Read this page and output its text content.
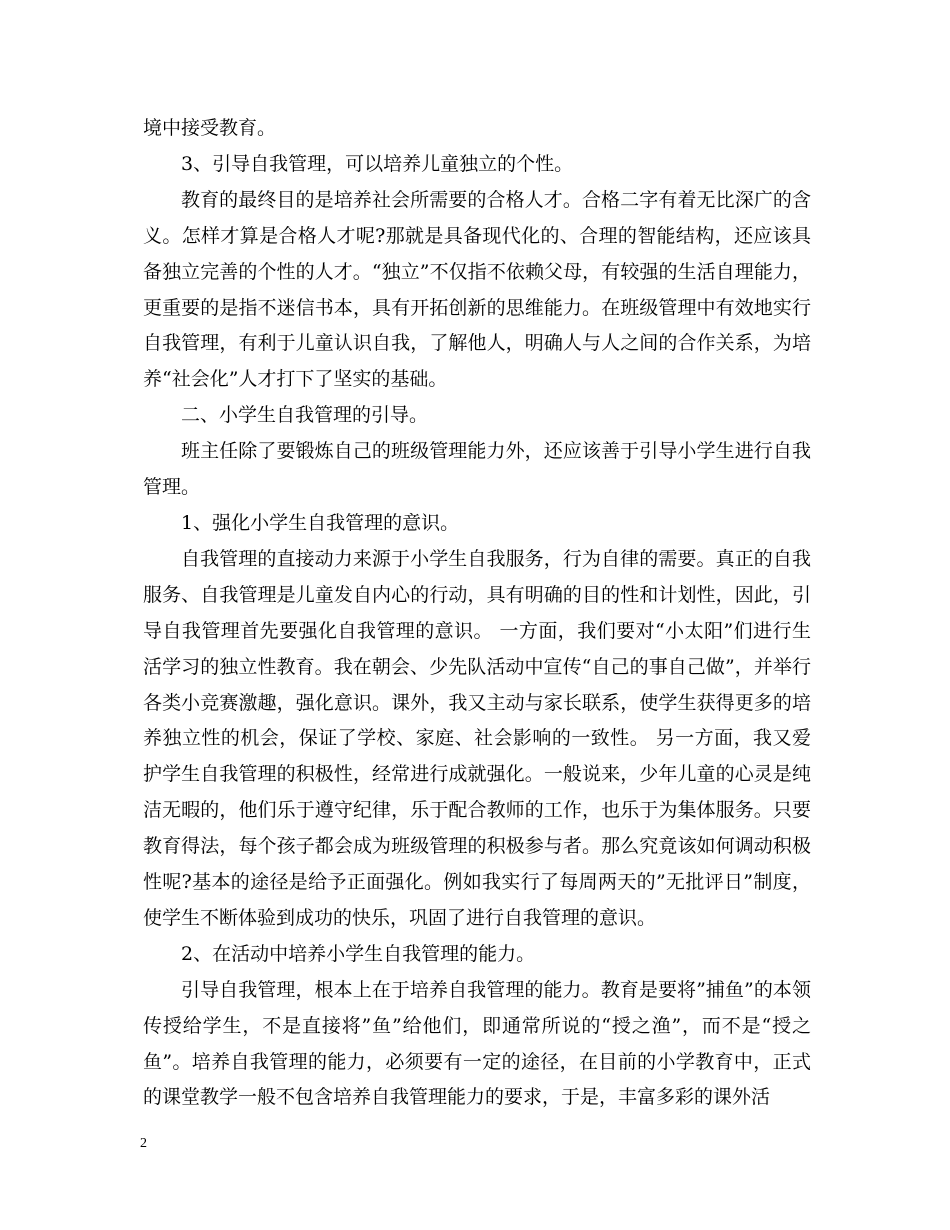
境中接受教育。

3、引导自我管理，可以培养儿童独立的个性。

教育的最终目的是培养社会所需要的合格人才。合格二字有着无比深广的含义。怎样才算是合格人才呢?那就是具备现代化的、合理的智能结构，还应该具备独立完善的个性的人才。“独立”不仅指不依赖父母，有较强的生活自理能力，更重要的是指不迷信书本，具有开拓创新的思维能力。在班级管理中有效地实行自我管理，有利于儿童认识自我，了解他人，明确人与人之间的合作关系，为培养“社会化”人才打下了坚实的基础。

二、小学生自我管理的引导。

班主任除了要锻炼自己的班级管理能力外，还应该善于引导小学生进行自我管理。

1、强化小学生自我管理的意识。

自我管理的直接动力来源于小学生自我服务，行为自律的需要。真正的自我服务、自我管理是儿童发自内心的行动，具有明确的目的性和计划性，因此，引导自我管理首先要强化自我管理的意识。 一方面，我们要对“小太阳”们进行生活学习的独立性教育。我在朝会、少先队活动中宣传“自己的事自己做”，并举行各类小竞赛激趣，强化意识。课外，我又主动与家长联系，使学生获得更多的培养独立性的机会，保证了学校、家庭、社会影响的一致性。 另一方面，我又爱护学生自我管理的积极性，经常进行成就强化。一般说来，少年儿童的心灵是纯洁无暇的，他们乐于遵守纪律，乐于配合教师的工作，也乐于为集体服务。只要教育得法，每个孩子都会成为班级管理的积极参与者。那么究竟该如何调动积极性呢?基本的途径是给予正面强化。例如我实行了每周两天的”无批评日”制度，使学生不断体验到成功的快乐，巩固了进行自我管理的意识。

2、在活动中培养小学生自我管理的能力。

引导自我管理，根本上在于培养自我管理的能力。教育是要将”捕鱼”的本领传授给学生，不是直接将”鱼”给他们，即通常所说的“授之渔”，而不是“授之鱼”。培养自我管理的能力，必须要有一定的途径，在目前的小学教育中，正式的课堂教学一般不包含培养自我管理能力的要求，于是，丰富多彩的课外活

2
